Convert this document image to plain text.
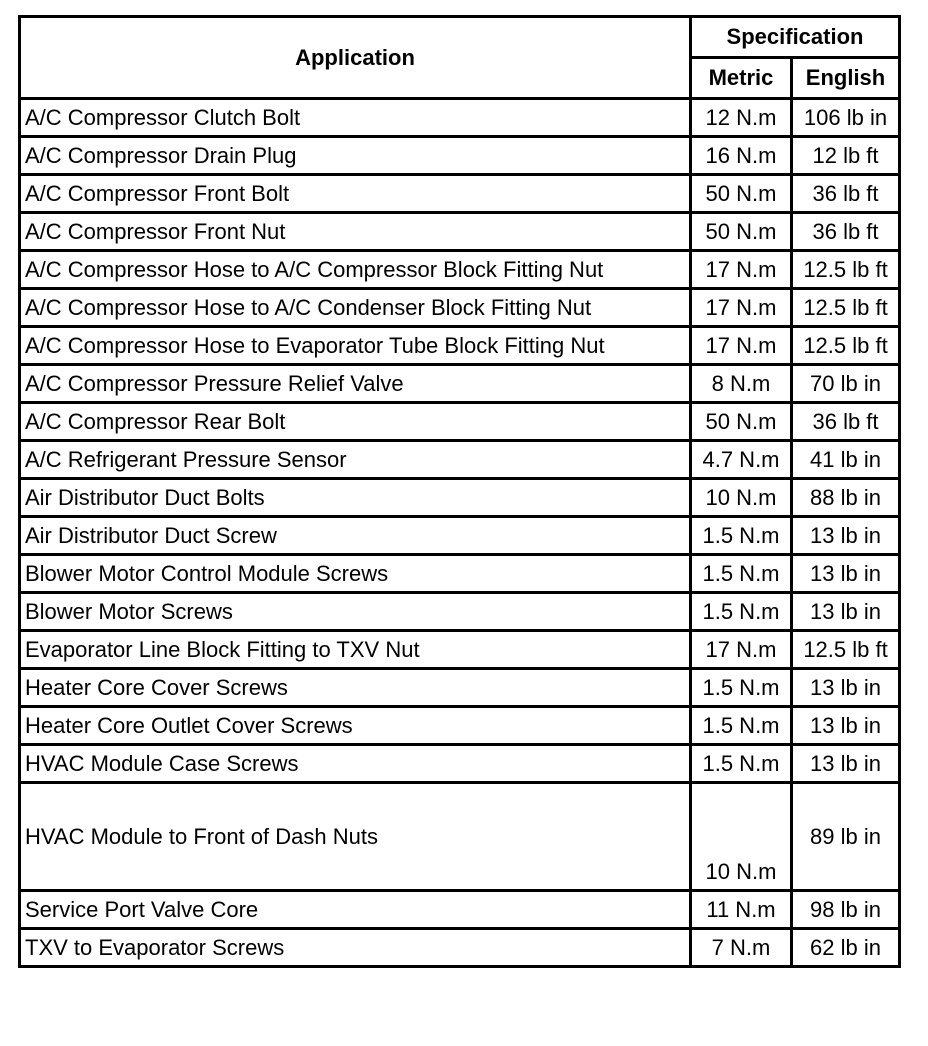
Application	Specification	
	Metric	English
A/C Compressor Clutch Bolt	12 N.m	106 lb in
A/C Compressor Drain Plug	16 N.m	12 lb ft
A/C Compressor Front Bolt	50 N.m	36 lb ft
A/C Compressor Front Nut	50 N.m	36 lb ft
A/C Compressor Hose to A/C Compressor Block Fitting Nut	17 N.m	12.5 lb ft
A/C Compressor Hose to A/C Condenser Block Fitting Nut	17 N.m	12.5 lb ft
A/C Compressor Hose to Evaporator Tube Block Fitting Nut	17 N.m	12.5 lb ft
A/C Compressor Pressure Relief Valve	8 N.m	70 lb in
A/C Compressor Rear Bolt	50 N.m	36 lb ft
A/C Refrigerant Pressure Sensor	4.7 N.m	41 lb in
Air Distributor Duct Bolts	10 N.m	88 lb in
Air Distributor Duct Screw	1.5 N.m	13 lb in
Blower Motor Control Module Screws	1.5 N.m	13 lb in
Blower Motor Screws	1.5 N.m	13 lb in
Evaporator Line Block Fitting to TXV Nut	17 N.m	12.5 lb ft
Heater Core Cover Screws	1.5 N.m	13 lb in
Heater Core Outlet Cover Screws	1.5 N.m	13 lb in
HVAC Module Case Screws	1.5 N.m	13 lb in
HVAC Module to Front of Dash Nuts	10 N.m	89 lb in
Service Port Valve Core	11 N.m	98 lb in
TXV to Evaporator Screws	7 N.m	62 lb in
